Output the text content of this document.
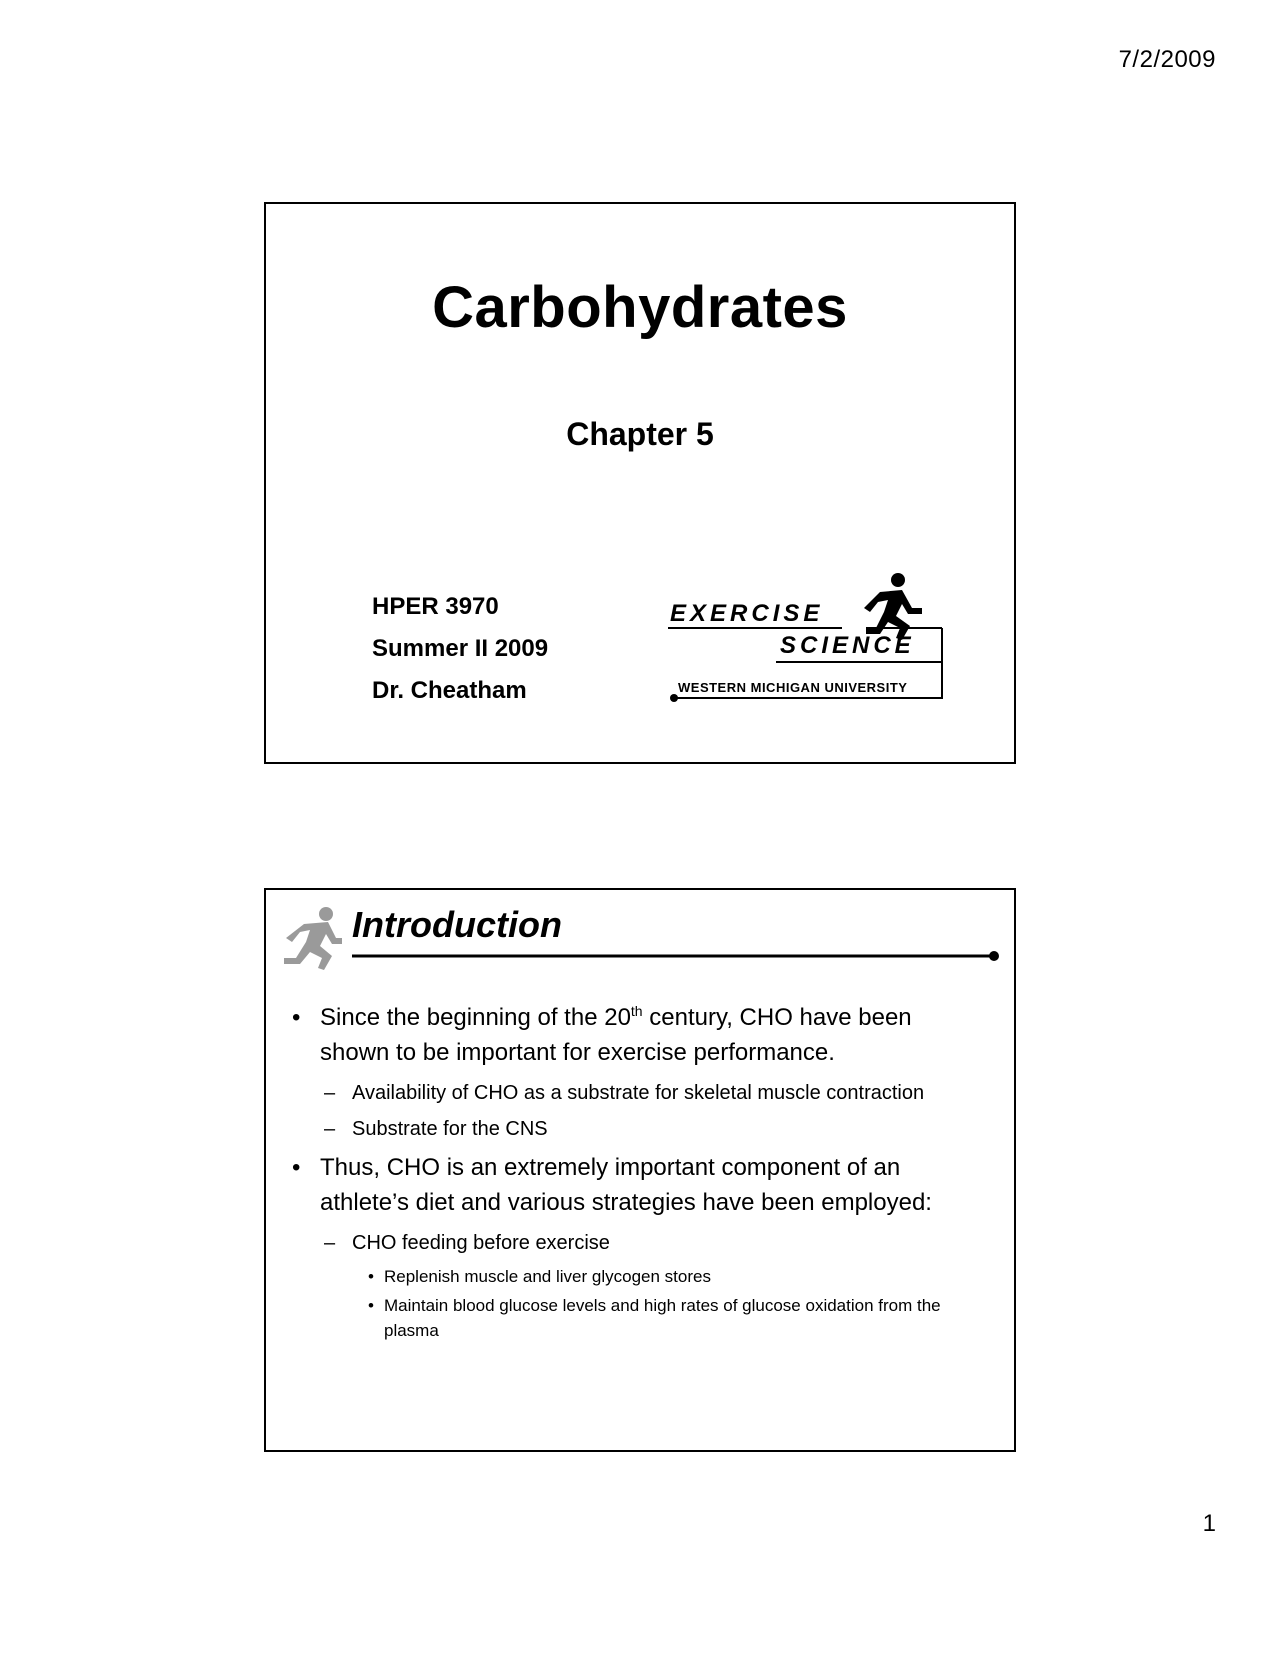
7/2/2009
Carbohydrates
Chapter 5
HPER 3970
Summer II 2009
Dr. Cheatham
EXERCISE
SCIENCE
WESTERN MICHIGAN UNIVERSITY
Introduction
• Since the beginning of the 20th century, CHO have been shown to be important for exercise performance.
– Availability of CHO as a substrate for skeletal muscle contraction
– Substrate for the CNS
• Thus, CHO is an extremely important component of an athlete’s diet and various strategies have been employed:
– CHO feeding before exercise
• Replenish muscle and liver glycogen stores
• Maintain blood glucose levels and high rates of glucose oxidation from the plasma
1
